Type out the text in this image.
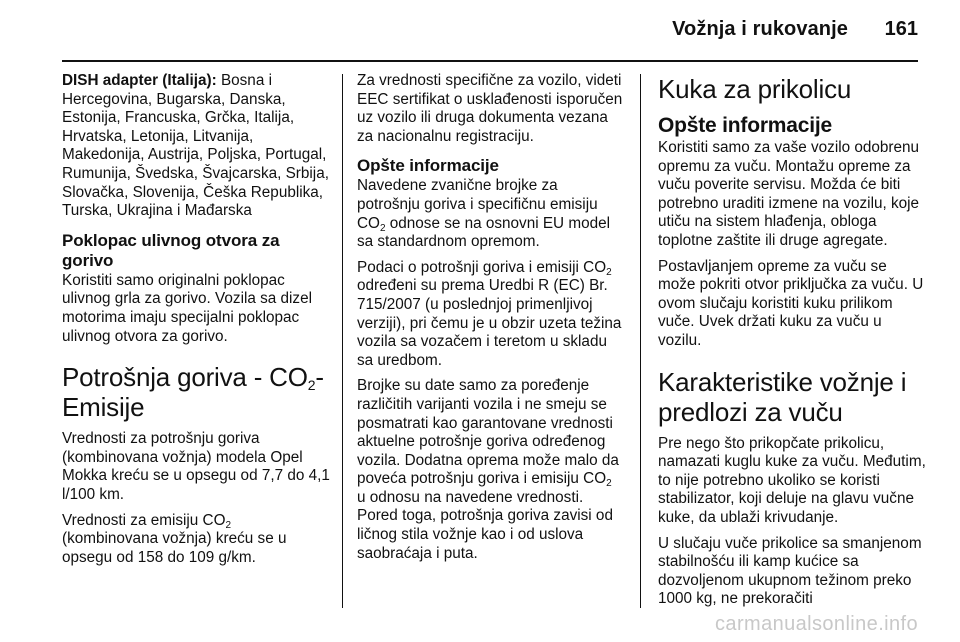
Vožnja i rukovanje 161

DISH adapter (Italija): Bosna i Hercegovina, Bugarska, Danska, Estonija, Francuska, Grčka, Italija, Hrvatska, Letonija, Litvanija, Makedonija, Austrija, Poljska, Portugal, Rumunija, Švedska, Švajcarska, Srbija, Slovačka, Slovenija, Češka Republika, Turska, Ukrajina i Mađarska

Poklopac ulivnog otvora za gorivo

Koristiti samo originalni poklopac ulivnog grla za gorivo. Vozila sa dizel motorima imaju specijalni poklopac ulivnog otvora za gorivo.

Potrošnja goriva - $CO_2$-Emisije

Vrednosti za potrošnju goriva (kombinovana vožnja) modela Opel Mokka kreću se u opsegu od 7,7 do 4,1 l/100 km.

Vrednosti za emisiju $CO_2$ (kombinovana vožnja) kreću se u opsegu od 158 do 109 g/km.

Za vrednosti specifične za vozilo, videti EEC sertifikat o usklađenosti isporučen uz vozilo ili druga dokumenta vezana za nacionalnu registraciju.

Opšte informacije

Navedene zvanične brojke za potrošnju goriva i specifičnu emisiju $CO_2$ odnose se na osnovni EU model sa standardnom opremom.

Podaci o potrošnji goriva i emisiji $CO_2$ određeni su prema Uredbi R (EC) Br. 715/2007 (u poslednjoj primenljivoj verziji), pri čemu je u obzir uzeta težina vozila sa vozačem i teretom u skladu sa uredbom.

Brojke su date samo za poređenje različitih varijanti vozila i ne smeju se posmatrati kao garantovane vrednosti aktuelne potrošnje goriva određenog vozila. Dodatna oprema može malo da poveća potrošnju goriva i emisiju $CO_2$ u odnosu na navedene vrednosti. Pored toga, potrošnja goriva zavisi od ličnog stila vožnje kao i od uslova saobraćaja i puta.

Kuka za prikolicu
Opšte informacije

Koristiti samo za vaše vozilo odobrenu opremu za vuču. Montažu opreme za vuču poverite servisu. Možda će biti potrebno uraditi izmene na vozilu, koje utiču na sistem hlađenja, obloga toplotne zaštite ili druge agregate.

Postavljanjem opreme za vuču se može pokriti otvor priključka za vuču. U ovom slučaju koristiti kuku prilikom vuče. Uvek držati kuku za vuču u vozilu.

Karakteristike vožnje i predlozi za vuču

Pre nego što prikopčate prikolicu, namazati kuglu kuke za vuču. Međutim, to nije potrebno ukoliko se koristi stabilizator, koji deluje na glavu vučne kuke, da ublaži krivudanje.

U slučaju vuče prikolice sa smanjenom stabilnošću ili kamp kućice sa dozvoljenom ukupnom težinom preko 1000 kg, ne prekoračiti

carmanualsonline.info
